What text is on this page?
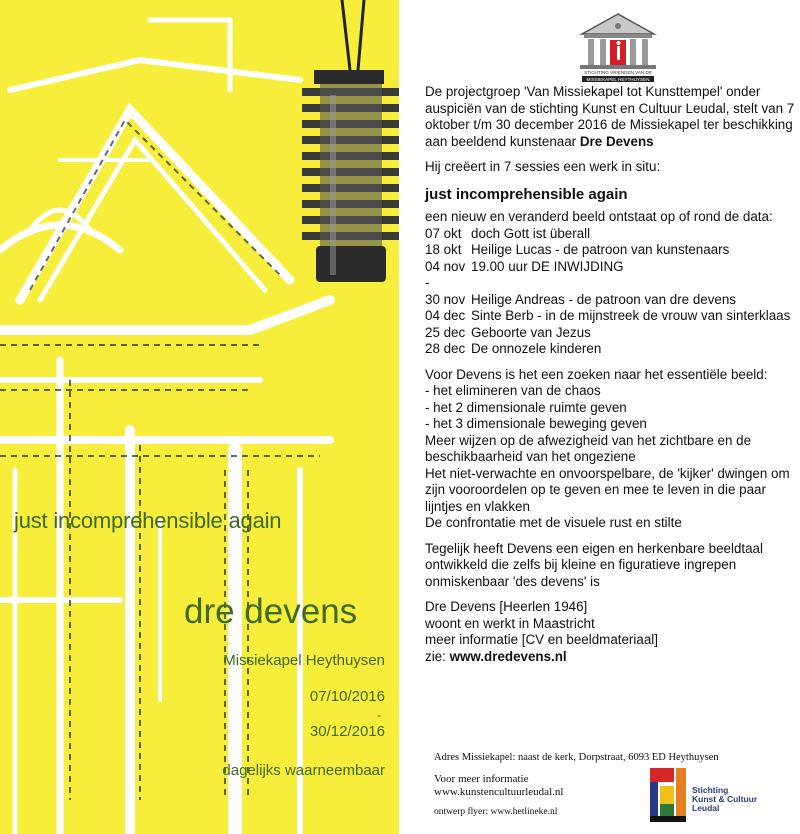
just incomprehensible again
dre devens
Missiekapel Heythuysen
07/10/2016
-
30/12/2016
dagelijks waarneembaar
STICHTING VRIENDEN VAN DE
MISSIEKAPEL HEYTHUYSEN

De projectgroep 'Van Missiekapel tot Kunsttempel' onder auspiciën van de stichting Kunst en Cultuur Leudal, stelt van 7 oktober t/m 30 december 2016 de Missiekapel ter beschikking aan beeldend kunstenaar Dre Devens

Hij creëert in 7 sessies een werk in situ:

just incomprehensible again

een nieuw en veranderd beeld ontstaat op of rond de data:

07 okt doch Gott ist überall
18 okt Heilige Lucas - de patroon van kunstenaars
04 nov -
19.00 uur DE INWIJDING
30 nov Heilige Andreas - de patroon van dre devens
04 dec Sinte Berb - in de mijnstreek de vrouw van sinterklaas
25 dec Geboorte van Jezus
28 dec De onnozele kinderen

Voor Devens is het een zoeken naar het essentiële beeld:

- het elimineren van de chaos

- het 2 dimensionale ruimte geven

- het 3 dimensionale beweging geven

Meer wijzen op de afwezigheid van het zichtbare en de beschikbaarheid van het ongeziene

Het niet-verwachte en onvoorspelbare, de 'kijker' dwingen om zijn vooroordelen op te geven en mee te leven in die paar lijntjes en vlakken

De confrontatie met de visuele rust en stilte

Tegelijk heeft Devens een eigen en herkenbare beeldtaal ontwikkeld die zelfs bij kleine en figuratieve ingrepen onmiskenbaar 'des devens' is

Dre Devens [Heerlen 1946]

woont en werkt in Maastricht

meer informatie [CV en beeldmateriaal]

zie: www.dredevens.nl

Adres Missiekapel: naast de kerk, Dorpstraat, 6093 ED Heythuysen
Voor meer informatie
www.kunstencultuurleudal.nl
ontwerp flyer: www.hetlineke.nl
Stichting
Kunst & Cultuur
Leudal
